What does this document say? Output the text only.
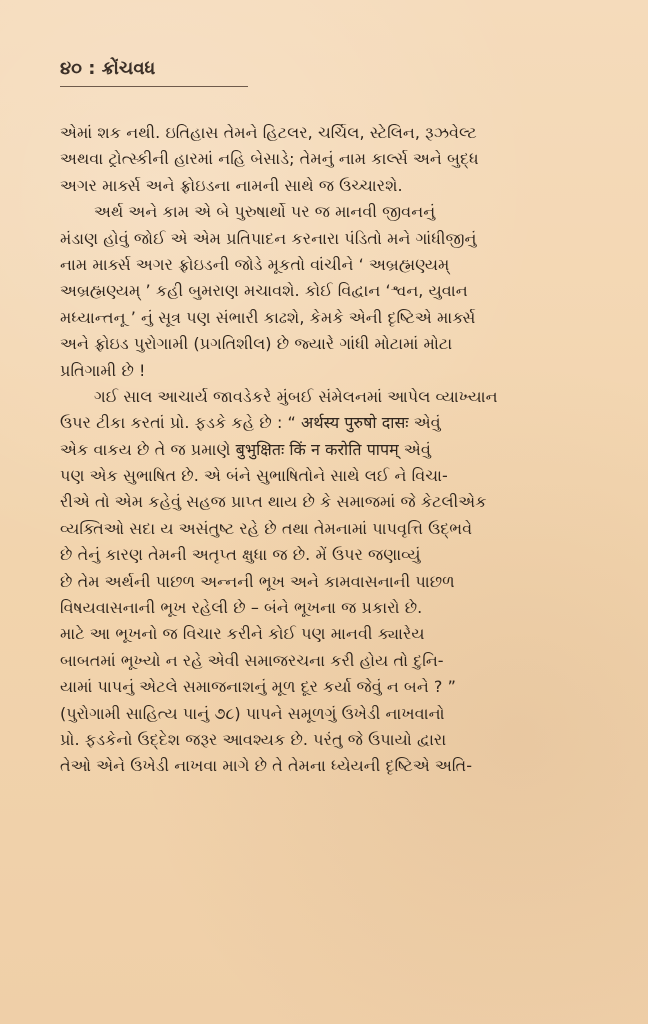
૪૦ : ક્રોંચવધ
એમાં શક નથી. ઇતિહાસ તેમને હિટલર, ચર્ચિલ, સ્ટેલિન, રૂઝવેલ્ટ
અથવા ટ્રોત્સ્કીની હારમાં નહિ બેસાડે; તેમનું નામ કાર્લ્સ અને બુદ્ધ
અગર માર્ક્સ અને ફ્રોઇડના નામની સાથે જ ઉચ્ચારશે.
અર્થ અને કામ એ બે પુરુષાર્થો પર જ માનવી જીવનનું
મંડાણ હોવું જોઈ એ એમ પ્રતિપાદન કરનારા પંડિતો મને ગાંધીજીનું
નામ માર્ક્સ અગર ફ્રોઇડની જોડે મૂકતો વાંચીને ‘ અબ્રહ્મણ્યમ્
અબ્રહ્મણ્યમ્ ’ કહી બુમરાણ મચાવશે. કોઈ વિદ્વાન ‘શ્વન, યુવાન
મધ્યાન્તનૂ ’ નું સૂત્ર પણ સંભારી કાઢશે, કેમકે એની દૃષ્ટિએ માર્ક્સ
અને ફ્રોઇડ પુરોગામી (પ્રગતિશીલ) છે જ્યારે ગાંધી મોટામાં મોટા
પ્રતિગામી છે !
ગઈ સાલ આચાર્ય જાવડેકરે મુંબઈ સંમેલનમાં આપેલ વ્યાખ્યાન
ઉપર ટીકા કરતાં પ્રો. ફડકે કહે છે : “ अर्थस्य पुरुषो दासः એવું
એક વાકય છે તે જ પ્રમાણે बुभुक्षितः किं न करोति पापम् એવું
પણ એક સુભાષિત છે. એ બંને સુભાષિતોને સાથે લઈ ને વિચા-
રીએ તો એમ કહેવું સહજ પ્રાપ્ત થાય છે કે સમાજમાં જે કેટલીએક
વ્યક્તિઓ સદા ય અસંતુષ્ટ રહે છે તથા તેમનામાં પાપવૃત્તિ ઉદ્‌ભવે
છે તેનું કારણ તેમની અતૃપ્ત ક્ષુધા જ છે. મેં ઉપર જણાવ્યું
છે તેમ અર્થની પાછળ અન્નની ભૂખ અને કામવાસનાની પાછળ
વિષયવાસનાની ભૂખ રહેલી છે – બંને ભૂખના જ પ્રકારો છે.
માટે આ ભૂખનો જ વિચાર કરીને કોઈ પણ માનવી ક્યારેય
બાબતમાં ભૂખ્યો ન રહે એવી સમાજરચના કરી હોય તો દુનિ-
યામાં પાપનું એટલે સમાજનાશનું મૂળ દૂર કર્યા જેવું ન બને ? ”
(પુરોગામી સાહિત્ય પાનું ૭૮) પાપને સમૂળગું ઉખેડી નાખવાનો
પ્રો. ફડકેનો ઉદ્દેશ જરૂર આવશ્યક છે. પરંતુ જે ઉપાયો દ્વારા
તેઓ એને ઉખેડી નાખવા માગે છે તે તેમના ધ્યેયની દૃષ્ટિએ અતિ-
